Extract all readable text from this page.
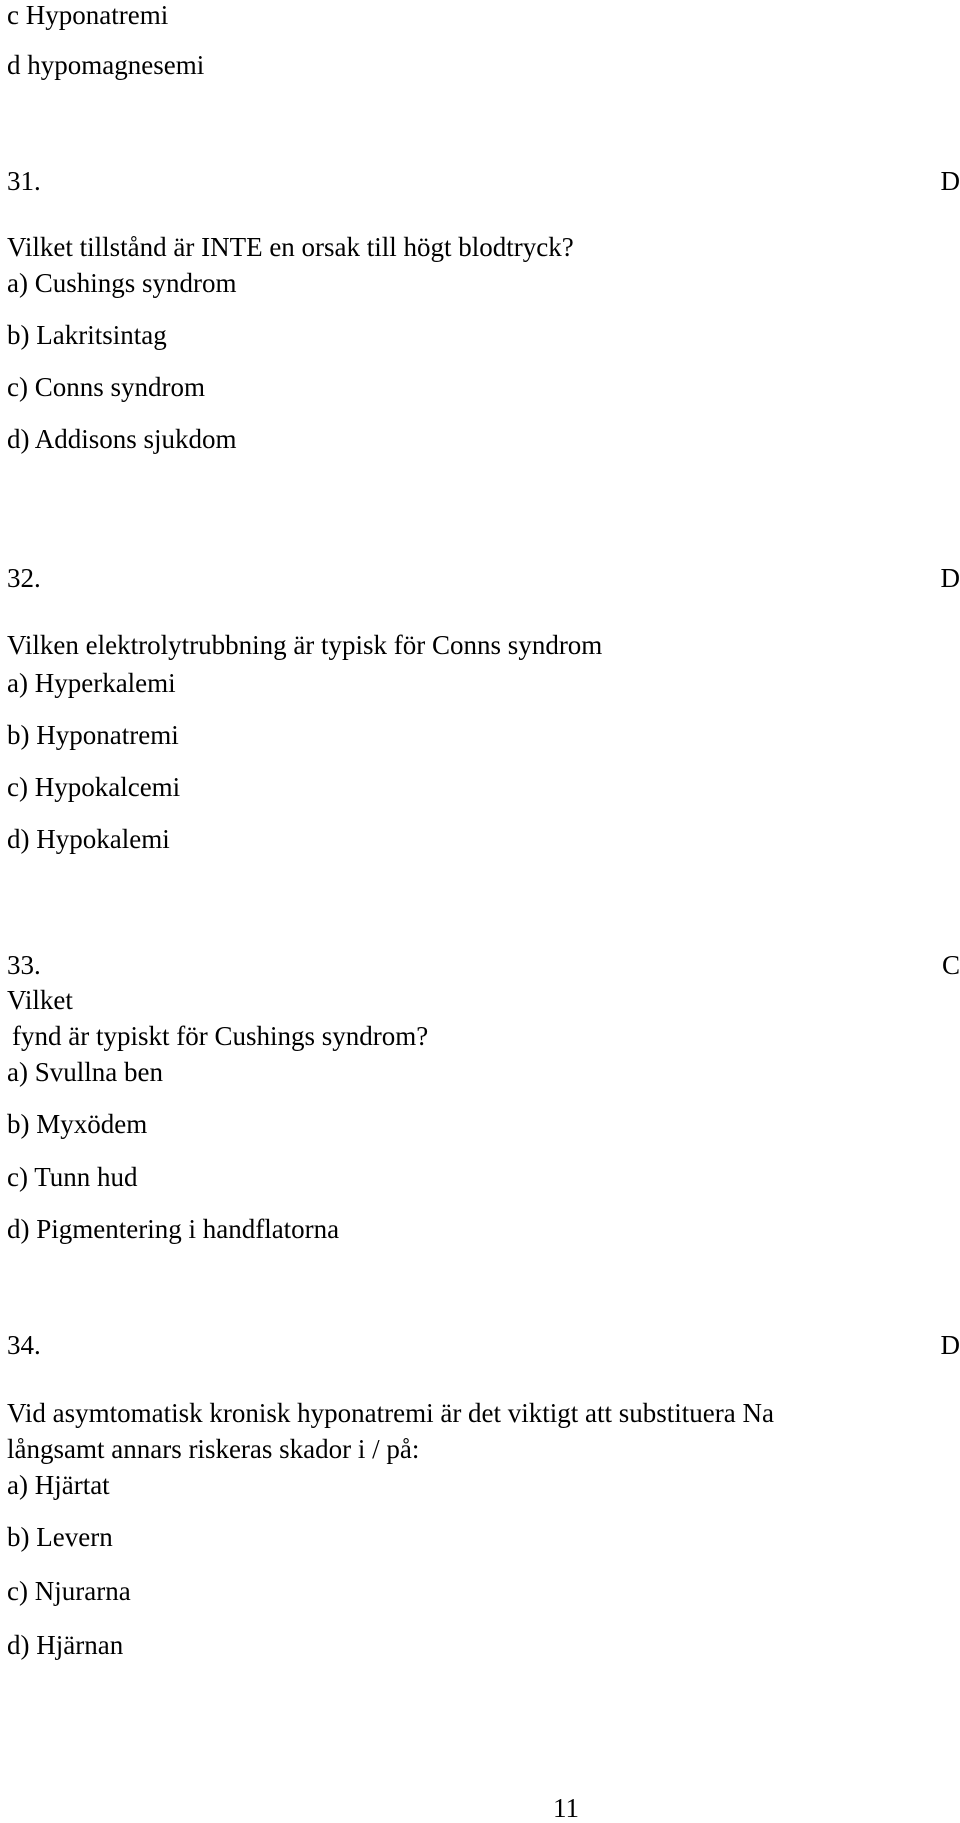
c Hyponatremi
d hypomagnesemi
31.	D
Vilket tillstånd är INTE en orsak till högt blodtryck?
a) Cushings syndrom
b) Lakritsintag
c) Conns syndrom
d) Addisons sjukdom
32.	D
Vilken elektrolytrubbning är typisk för Conns syndrom
a) Hyperkalemi
b) Hyponatremi
c) Hypokalcemi
d) Hypokalemi
33.	C
Vilket
fynd är typiskt för Cushings syndrom?
a) Svullna ben
b) Myxödem
c) Tunn hud
d) Pigmentering i handflatorna
34.	D
Vid asymtomatisk kronisk hyponatremi är det viktigt att substituera Na
långsamt annars riskeras skador i / på:
a) Hjärtat
b) Levern
c) Njurarna
d) Hjärnan
11
